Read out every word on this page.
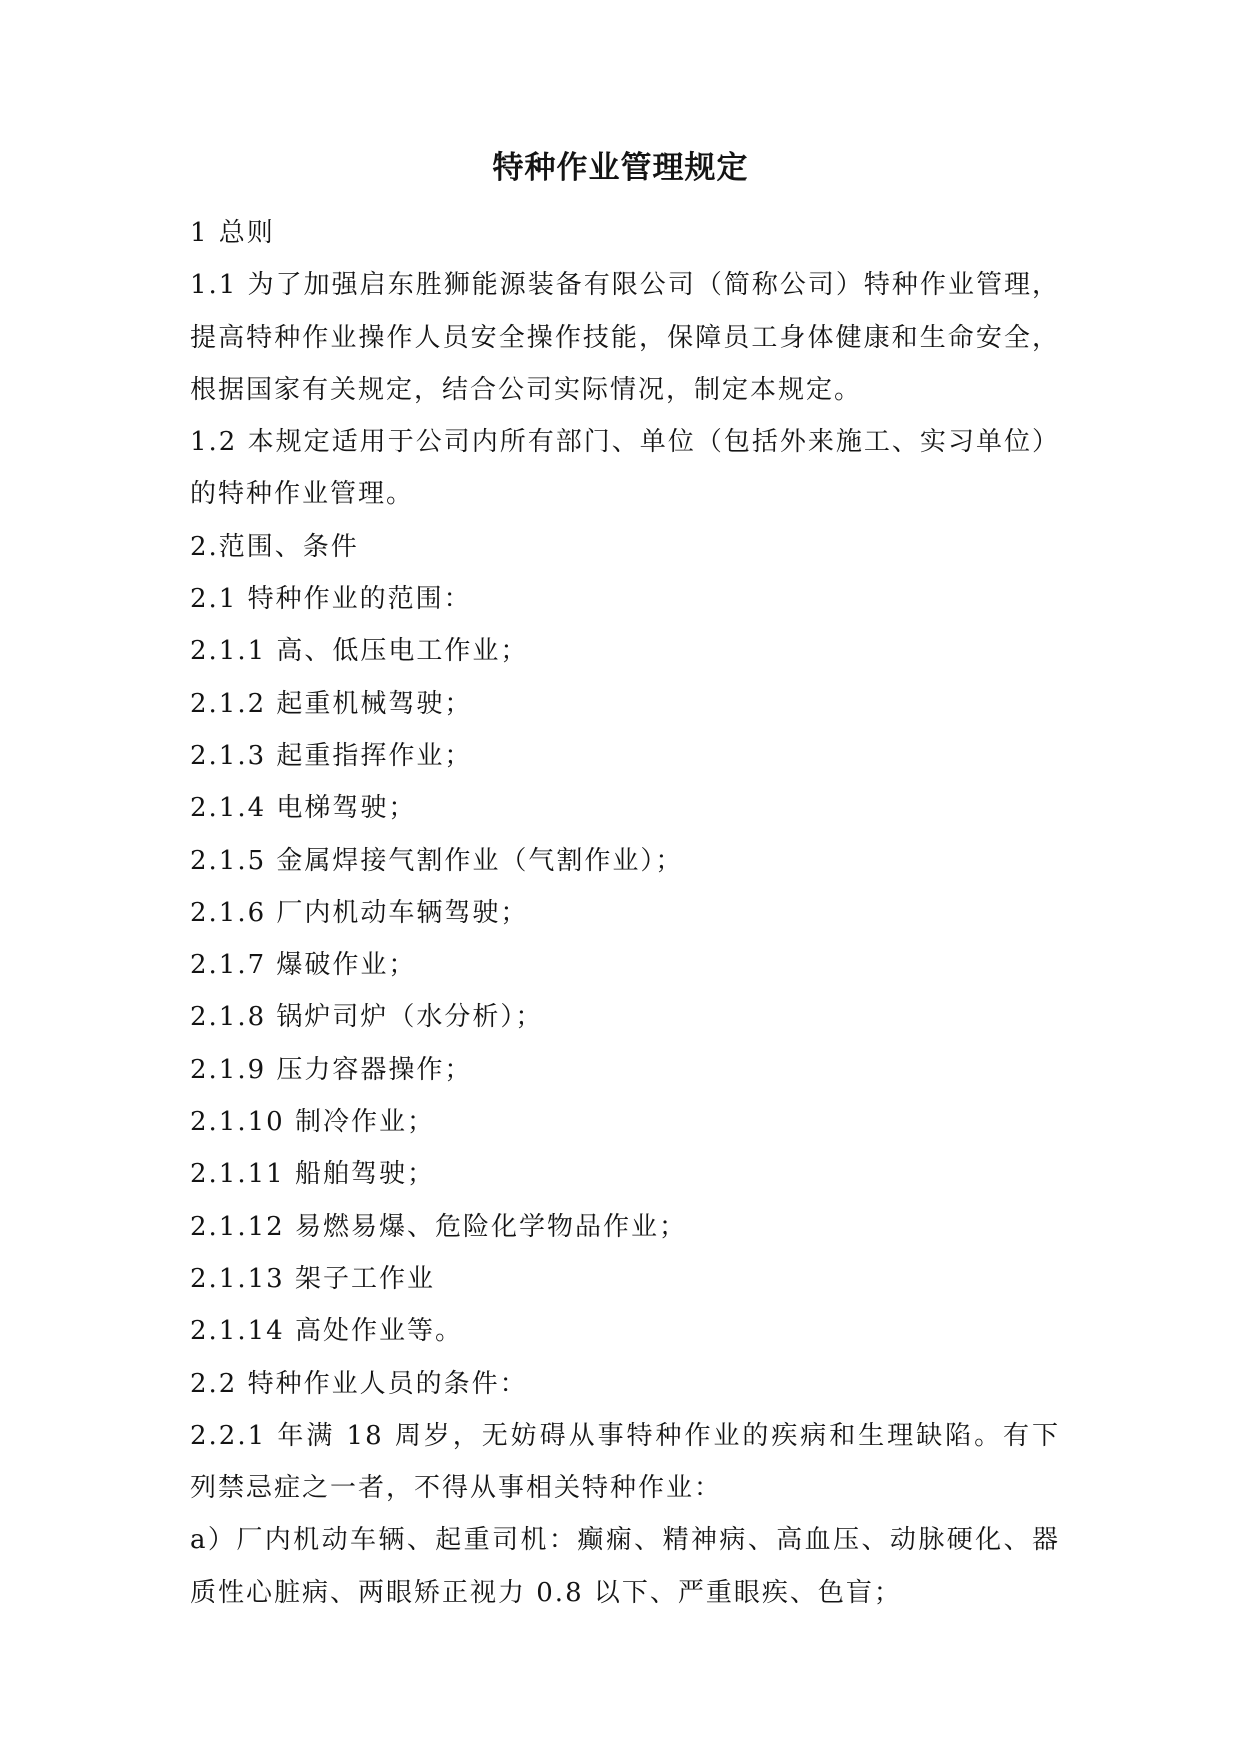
特种作业管理规定

1 总则

1.1 为了加强启东胜狮能源装备有限公司（简称公司）特种作业管理，提高特种作业操作人员安全操作技能，保障员工身体健康和生命安全，根据国家有关规定，结合公司实际情况，制定本规定。

1.2 本规定适用于公司内所有部门、单位（包括外来施工、实习单位）的特种作业管理。

2.范围、条件

2.1 特种作业的范围：

2.1.1 高、低压电工作业；

2.1.2 起重机械驾驶；

2.1.3 起重指挥作业；

2.1.4 电梯驾驶；

2.1.5 金属焊接气割作业（气割作业）；

2.1.6 厂内机动车辆驾驶；

2.1.7 爆破作业；

2.1.8 锅炉司炉（水分析）；

2.1.9 压力容器操作；

2.1.10 制冷作业；

2.1.11 船舶驾驶；

2.1.12 易燃易爆、危险化学物品作业；

2.1.13 架子工作业

2.1.14 高处作业等。

2.2 特种作业人员的条件：

2.2.1 年满 18 周岁，无妨碍从事特种作业的疾病和生理缺陷。有下列禁忌症之一者，不得从事相关特种作业：

a）厂内机动车辆、起重司机：癫痫、精神病、高血压、动脉硬化、器质性心脏病、两眼矫正视力 0.8 以下、严重眼疾、色盲；
